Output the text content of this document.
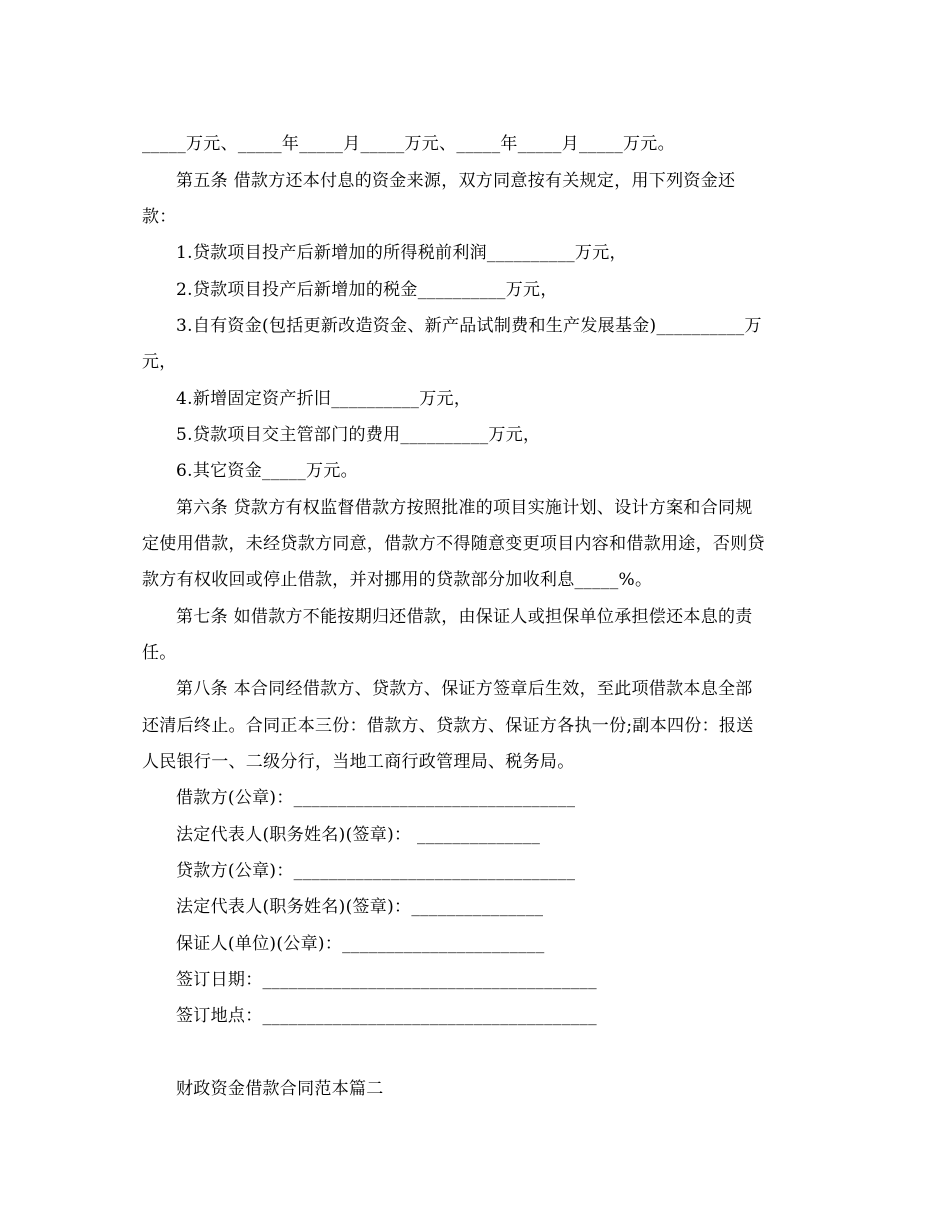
_____万元、_____年_____月_____万元、_____年_____月_____万元。
第五条 借款方还本付息的资金来源，双方同意按有关规定，用下列资金还
款：
1.贷款项目投产后新增加的所得税前利润__________万元，
2.贷款项目投产后新增加的税金__________万元，
3.自有资金(包括更新改造资金、新产品试制费和生产发展基金)__________万
元，
4.新增固定资产折旧__________万元，
5.贷款项目交主管部门的费用__________万元，
6.其它资金_____万元。
第六条 贷款方有权监督借款方按照批准的项目实施计划、设计方案和合同规
定使用借款，未经贷款方同意，借款方不得随意变更项目内容和借款用途，否则贷
款方有权收回或停止借款，并对挪用的贷款部分加收利息_____%。
第七条 如借款方不能按期归还借款，由保证人或担保单位承担偿还本息的责
任。
第八条 本合同经借款方、贷款方、保证方签章后生效，至此项借款本息全部
还清后终止。合同正本三份：借款方、贷款方、保证方各执一份;副本四份：报送
人民银行一、二级分行，当地工商行政管理局、税务局。
借款方(公章)：________________________________
法定代表人(职务姓名)(签章)： ______________
贷款方(公章)：________________________________
法定代表人(职务姓名)(签章)：_______________
保证人(单位)(公章)：_______________________
签订日期：______________________________________
签订地点：______________________________________
财政资金借款合同范本篇二
